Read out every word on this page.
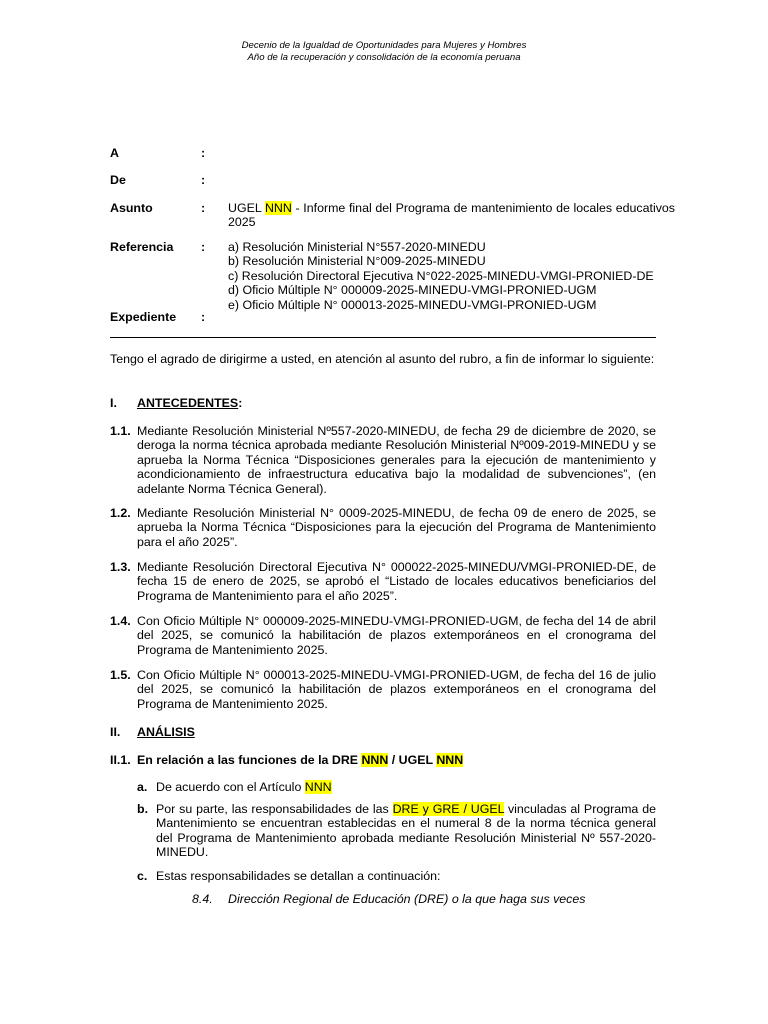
Decenio de la Igualdad de Oportunidades para Mujeres y Hombres
Año de la recuperación y consolidación de la economía peruana
A	:
De	:
Asunto	: UGEL NNN - Informe final del Programa de mantenimiento de locales educativos 2025
Referencia : a) Resolución Ministerial N°557-2020-MINEDU
b) Resolución Ministerial N°009-2025-MINEDU
c) Resolución Directoral Ejecutiva N°022-2025-MINEDU-VMGI-PRONIED-DE
d) Oficio Múltiple N° 000009-2025-MINEDU-VMGI-PRONIED-UGM
e) Oficio Múltiple N° 000013-2025-MINEDU-VMGI-PRONIED-UGM
Expediente :
Tengo el agrado de dirigirme a usted, en atención al asunto del rubro, a fin de informar lo siguiente:
I. ANTECEDENTES:
1.1. Mediante Resolución Ministerial Nº557-2020-MINEDU, de fecha 29 de diciembre de 2020, se deroga la norma técnica aprobada mediante Resolución Ministerial Nº009-2019-MINEDU y se aprueba la Norma Técnica “Disposiciones generales para la ejecución de mantenimiento y acondicionamiento de infraestructura educativa bajo la modalidad de subvenciones”, (en adelante Norma Técnica General).
1.2. Mediante Resolución Ministerial N° 0009-2025-MINEDU, de fecha 09 de enero de 2025, se aprueba la Norma Técnica “Disposiciones para la ejecución del Programa de Mantenimiento para el año 2025”.
1.3. Mediante Resolución Directoral Ejecutiva N° 000022-2025-MINEDU/VMGI-PRONIED-DE, de fecha 15 de enero de 2025, se aprobó el “Listado de locales educativos beneficiarios del Programa de Mantenimiento para el año 2025”.
1.4. Con Oficio Múltiple N° 000009-2025-MINEDU-VMGI-PRONIED-UGM, de fecha del 14 de abril del 2025, se comunicó la habilitación de plazos extemporáneos en el cronograma del Programa de Mantenimiento 2025.
1.5. Con Oficio Múltiple N° 000013-2025-MINEDU-VMGI-PRONIED-UGM, de fecha del 16 de julio del 2025, se comunicó la habilitación de plazos extemporáneos en el cronograma del Programa de Mantenimiento 2025.
II. ANÁLISIS
II.1. En relación a las funciones de la DRE NNN / UGEL NNN
a. De acuerdo con el Artículo NNN
b. Por su parte, las responsabilidades de las DRE y GRE / UGEL vinculadas al Programa de Mantenimiento se encuentran establecidas en el numeral 8 de la norma técnica general del Programa de Mantenimiento aprobada mediante Resolución Ministerial Nº 557-2020-MINEDU.
c. Estas responsabilidades se detallan a continuación:
8.4. Dirección Regional de Educación (DRE) o la que haga sus veces
